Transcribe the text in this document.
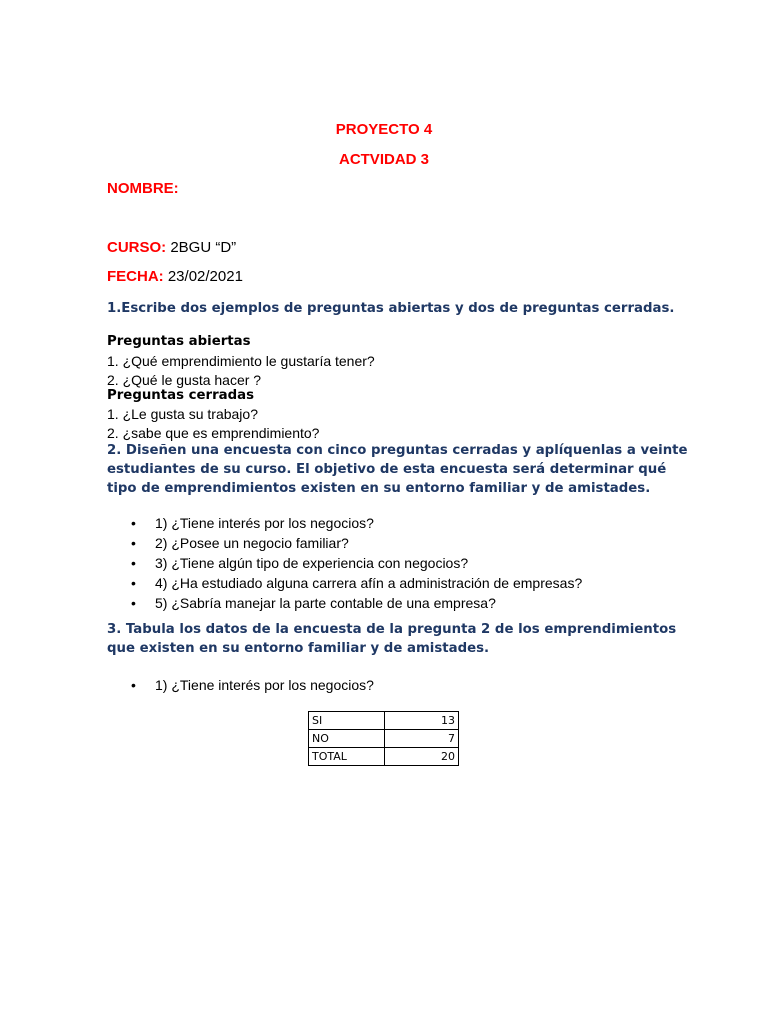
PROYECTO 4
ACTVIDAD 3
NOMBRE:
CURSO: 2BGU “D”
FECHA: 23/02/2021
1.Escribe dos ejemplos de preguntas abiertas y dos de preguntas cerradas.
Preguntas abiertas
1. ¿Qué emprendimiento le gustaría tener?
2. ¿Qué le gusta hacer ?
Preguntas cerradas
1. ¿Le gusta su trabajo?
2. ¿sabe que es emprendimiento?
2. Diseñen una encuesta con cinco preguntas cerradas y aplíquenlas a veinte
estudiantes de su curso. El objetivo de esta encuesta será determinar qué
tipo de emprendimientos existen en su entorno familiar y de amistades.
• 1) ¿Tiene interés por los negocios?
• 2) ¿Posee un negocio familiar?
• 3) ¿Tiene algún tipo de experiencia con negocios?
• 4) ¿Ha estudiado alguna carrera afín a administración de empresas?
• 5) ¿Sabría manejar la parte contable de una empresa?
3. Tabula los datos de la encuesta de la pregunta 2 de los emprendimientos
que existen en su entorno familiar y de amistades.
• 1) ¿Tiene interés por los negocios?
SI	13
NO	7
TOTAL	20
